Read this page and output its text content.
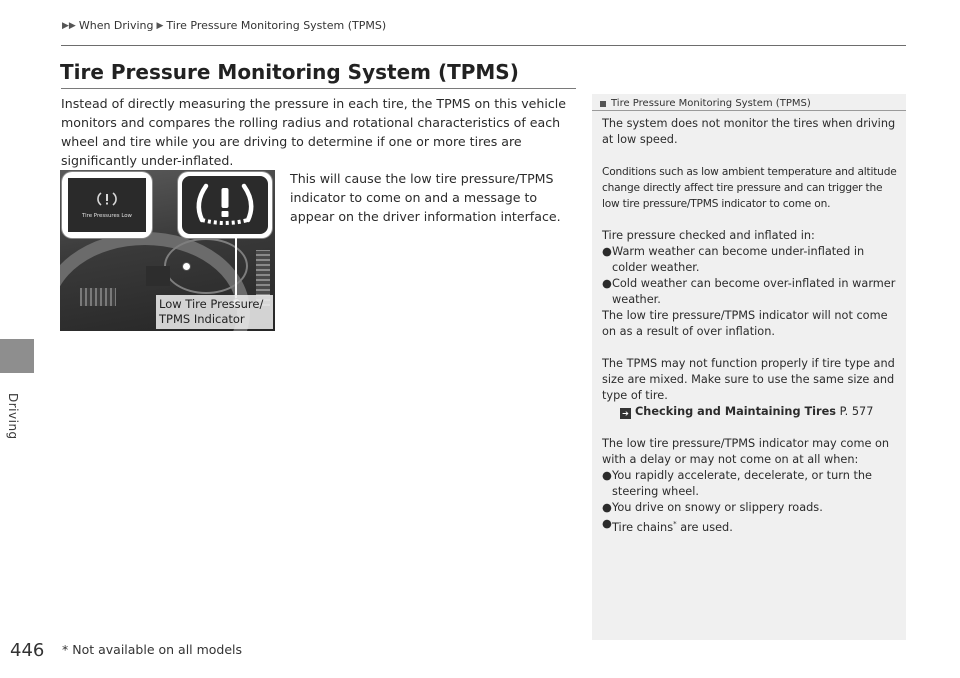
Driving
▶▶ When Driving ▶ Tire Pressure Monitoring System (TPMS)
Tire Pressure Monitoring System (TPMS)

Instead of directly measuring the pressure in each tire, the TPMS on this vehicle monitors and compares the rolling radius and rotational characteristics of each wheel and tire while you are driving to determine if one or more tires are significantly under-inflated.

Tire Pressures Low
Low Tire Pressure/
TPMS Indicator

This will cause the low tire pressure/TPMS indicator to come on and a message to appear on the driver information interface.

Tire Pressure Monitoring System (TPMS)

The system does not monitor the tires when driving at low speed.

Conditions such as low ambient temperature and altitude change directly affect tire pressure and can trigger the low tire pressure/TPMS indicator to come on.

Tire pressure checked and inflated in:

● Warm weather can become under-inflated in colder weather.
● Cold weather can become over-inflated in warmer weather.

The low tire pressure/TPMS indicator will not come on as a result of over inflation.

The TPMS may not function properly if tire type and size are mixed. Make sure to use the same size and type of tire.

➔ Checking and Maintaining Tires P. 577

The low tire pressure/TPMS indicator may come on with a delay or may not come on at all when:

● You rapidly accelerate, decelerate, or turn the steering wheel.
● You drive on snowy or slippery roads.
● Tire chains* are used.
446 * Not available on all models
